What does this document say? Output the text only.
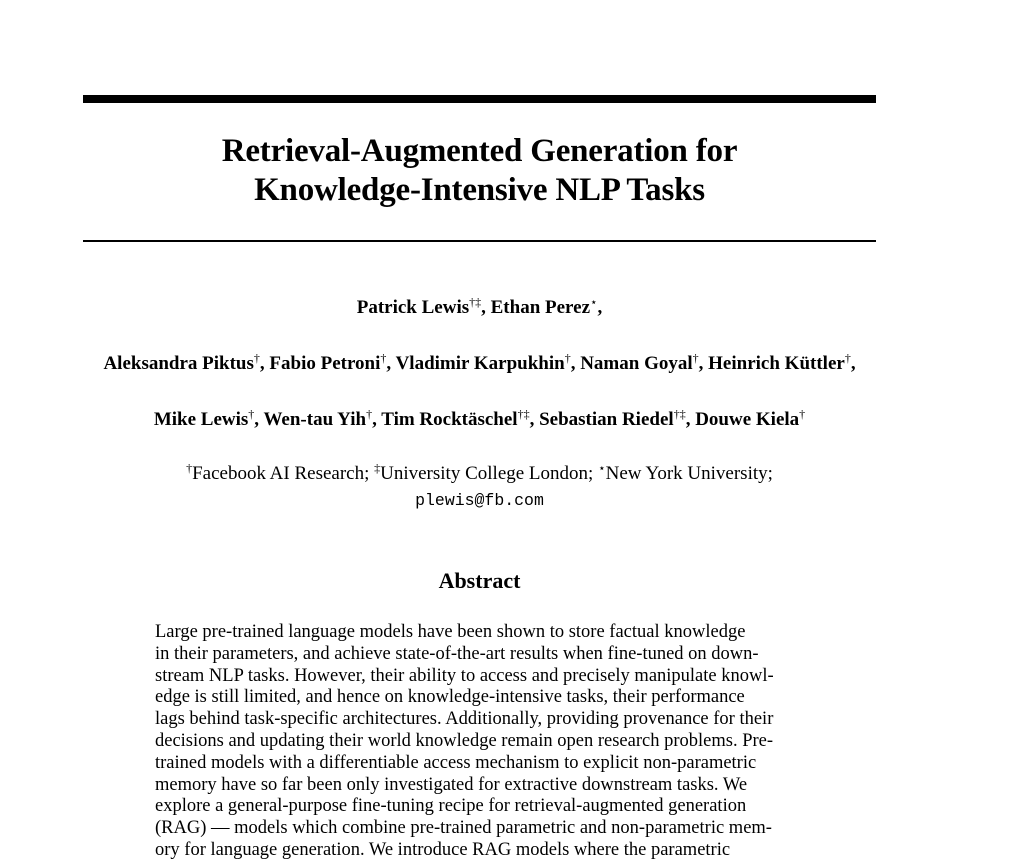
Retrieval-Augmented Generation for
Knowledge-Intensive NLP Tasks
Patrick Lewis†‡ , Ethan Perez⋆ ,
Aleksandra Piktus† , Fabio Petroni† , Vladimir Karpukhin† , Naman Goyal† , Heinrich Küttler† ,
Mike Lewis† , Wen-tau Yih† , Tim Rocktäschel†‡ , Sebastian Riedel†‡ , Douwe Kiela†
†Facebook AI Research; ‡University College London; ⋆New York University;
plewis@fb.com
Abstract
Large pre-trained language models have been shown to store factual knowledge
in their parameters, and achieve state-of-the-art results when fine-tuned on down-
stream NLP tasks. However, their ability to access and precisely manipulate knowl-
edge is still limited, and hence on knowledge-intensive tasks, their performance
lags behind task-specific architectures. Additionally, providing provenance for their
decisions and updating their world knowledge remain open research problems. Pre-
trained models with a differentiable access mechanism to explicit non-parametric
memory have so far been only investigated for extractive downstream tasks. We
explore a general-purpose fine-tuning recipe for retrieval-augmented generation
(RAG) — models which combine pre-trained parametric and non-parametric mem-
ory for language generation. We introduce RAG models where the parametric
